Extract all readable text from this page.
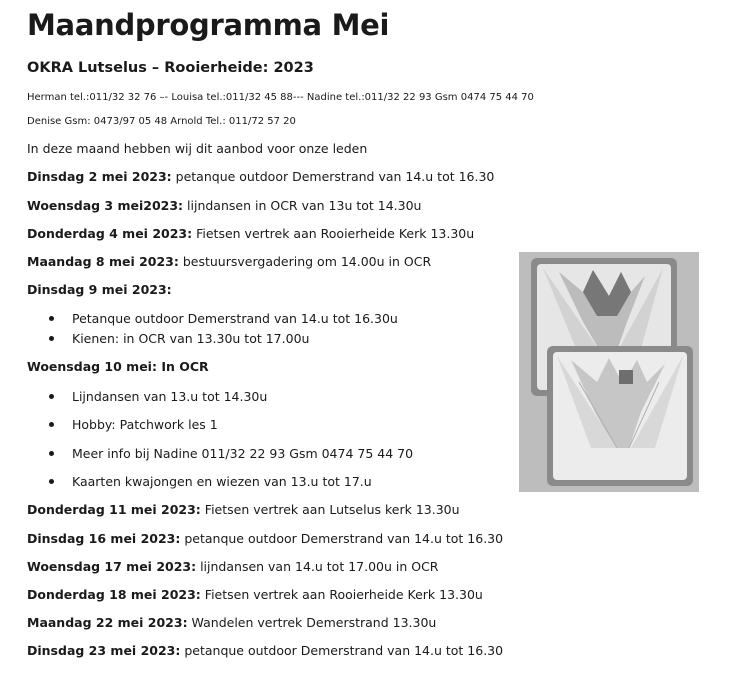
Maandprogramma Mei
OKRA Lutselus – Rooierheide: 2023
Herman tel.:011/32 32 76 –- Louisa tel.:011/32 45 88--- Nadine tel.:011/32 22 93 Gsm 0474 75 44 70
Denise Gsm: 0473/97 05 48 Arnold Tel.: 011/72 57 20
In deze maand hebben wij dit aanbod voor onze leden
Dinsdag 2 mei 2023: petanque outdoor Demerstrand van 14.u tot 16.30
Woensdag 3 mei2023: lijndansen in OCR van 13u tot 14.30u
Donderdag 4 mei 2023: Fietsen vertrek aan Rooierheide Kerk 13.30u
Maandag 8 mei 2023: bestuursvergadering om 14.00u in OCR
Dinsdag 9 mei 2023:
Petanque outdoor Demerstrand van 14.u tot 16.30u
Kienen: in OCR van 13.30u tot 17.00u
Woensdag 10 mei: In OCR
Lijndansen van 13.u tot 14.30u
Hobby: Patchwork les 1
Meer info bij Nadine 011/32 22 93 Gsm 0474 75 44 70
Kaarten kwajongen en wiezen van 13.u tot 17.u
Donderdag 11 mei 2023: Fietsen vertrek aan Lutselus kerk 13.30u
Dinsdag 16 mei 2023: petanque outdoor Demerstrand van 14.u tot 16.30
Woensdag 17 mei 2023: lijndansen van 14.u tot 17.00u in OCR
Donderdag 18 mei 2023: Fietsen vertrek aan Rooierheide Kerk 13.30u
Maandag 22 mei 2023: Wandelen vertrek Demerstrand 13.30u
Dinsdag 23 mei 2023: petanque outdoor Demerstrand van 14.u tot 16.30
